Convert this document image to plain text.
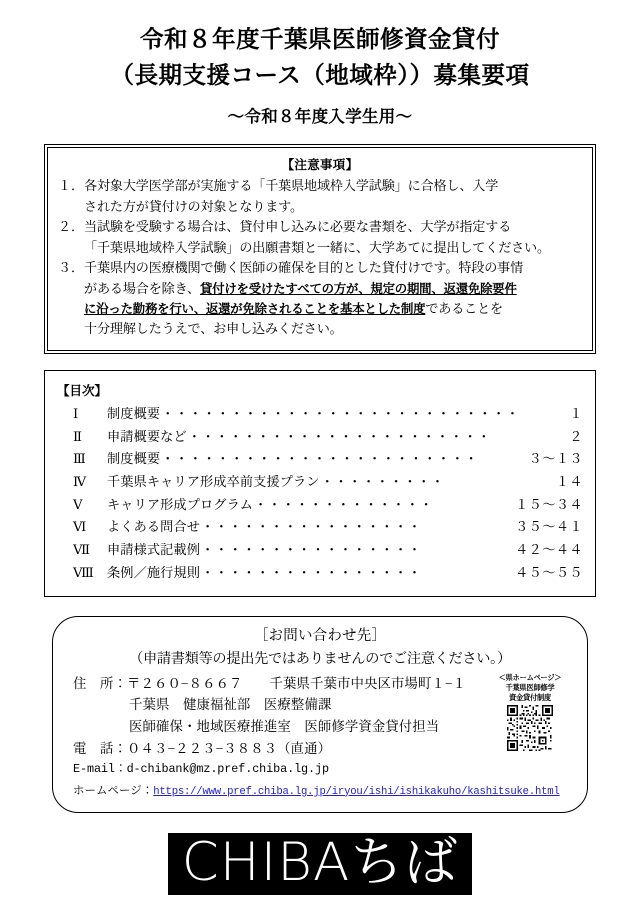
令和８年度千葉県医師修資金貸付
（長期支援コース（地域枠））募集要項
〜令和８年度入学生用〜
【注意事項】
１． 各対象大学医学部が実施する「千葉県地域枠入学試験」に合格し、入学
された方が貸付けの対象となります。
２． 当試験を受験する場合は、貸付申し込みに必要な書類を、大学が指定する
「千葉県地域枠入学試験」の出願書類と一緒に、大学あてに提出してください。
３． 千葉県内の医療機関で働く医師の確保を目的とした貸付けです。特段の事情
がある場合を除き、貸付けを受けたすべての方が、規定の期間、返還免除要件
に沿った勤務を行い、返還が免除されることを基本とした制度であることを
十分理解したうえで、お申し込みください。
【目次】
Ⅰ	制度概要 ・・・・・・・・・・・・・・・・・・・・・・・・・・	１
Ⅱ	申請概要など ・・・・・・・・・・・・・・・・・・・・・・	２
Ⅲ	制度概要 ・・・・・・・・・・・・・・・・・・・・・・・	３〜１３
Ⅳ	千葉県キャリア形成卒前支援プラン ・・・・・・・・・	１４
Ⅴ	キャリア形成プログラム ・・・・・・・・・・・・・	１５〜３４
Ⅵ	よくある問合せ ・・・・・・・・・・・・・・・・	３５〜４１
Ⅶ	申請様式記載例 ・・・・・・・・・・・・・・・・	４２〜４４
Ⅷ 条例／施行規則 ・・・・・・・・・・・・・・・・	４５〜５５
［お問い合わせ先］
（申請書類等の提出先ではありませんのでご注意ください。）
住　所：〒２６０−８６６７　　千葉県千葉市中央区市場町１−１
千葉県　健康福祉部　医療整備課
医師確保・地域医療推進室　医師修学資金貸付担当
電　話：０４３−２２３−３８８３（直通）
E-mail：d-chibank@mz.pref.chiba.lg.jp
ホームページ：https://www.pref.chiba.lg.jp/iryou/ishi/ishikakuho/kashitsuke.html
＜県ホームページ＞
千葉県医師修学
資金貸付制度
CHIBAちば
